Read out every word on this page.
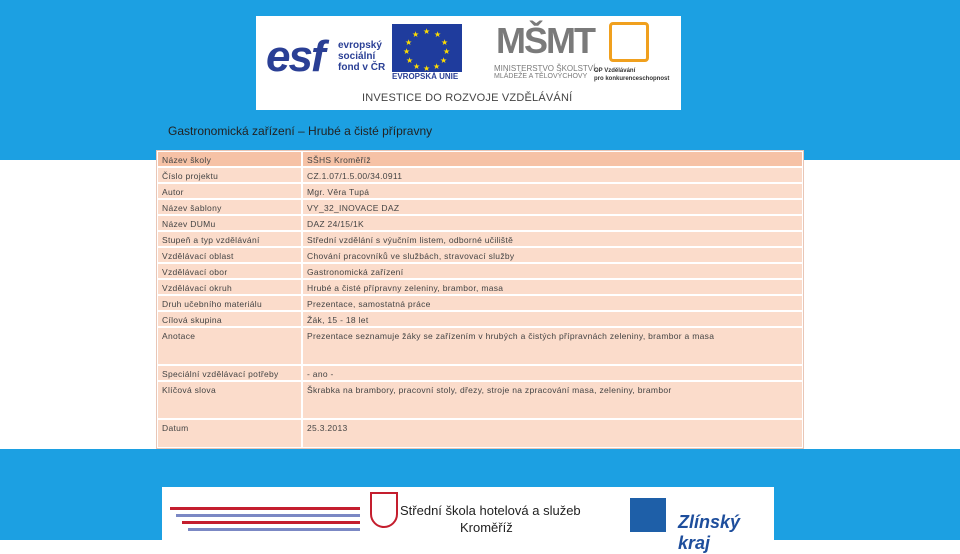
esf evropský
sociální
fond v ČR
★ ★
★
★
★
★
★
★
★
★
★
★
EVROPSKÁ UNIE
MŠMT
MINISTERSTVO ŠKOLSTVÍ,
MLÁDEŽE A TĚLOVÝCHOVY
OP Vzdělávání
pro konkurenceschopnost
INVESTICE DO ROZVOJE VZDĚLÁVÁNÍ
Gastronomická zařízení – Hrubé a čisté přípravny
Název školy	SŠHS Kroměříž
Číslo projektu	CZ.1.07/1.5.00/34.0911
Autor	Mgr. Věra Tupá
Název šablony	VY_32_INOVACE DAZ
Název DUMu	DAZ 24/15/1K
Stupeň a typ vzdělávání	Střední vzdělání s výučním listem, odborné učiliště
Vzdělávací oblast	Chování pracovníků ve službách, stravovací služby
Vzdělávací obor	Gastronomická zařízení
Vzdělávací okruh	Hrubé a čisté přípravny zeleniny, brambor, masa
Druh učebního materiálu	Prezentace, samostatná práce
Cílová skupina	Žák, 15 - 18 let
Anotace	Prezentace seznamuje žáky se zařízením v hrubých a čistých přípravnách zeleniny, brambor a masa
Speciální vzdělávací potřeby	- ano -
Klíčová slova	Škrabka na brambory, pracovní stoly, dřezy, stroje na zpracování masa, zeleniny, brambor
Datum	25.3.2013
Střední škola hotelová a služeb
Kroměříž	Zlínský kraj
